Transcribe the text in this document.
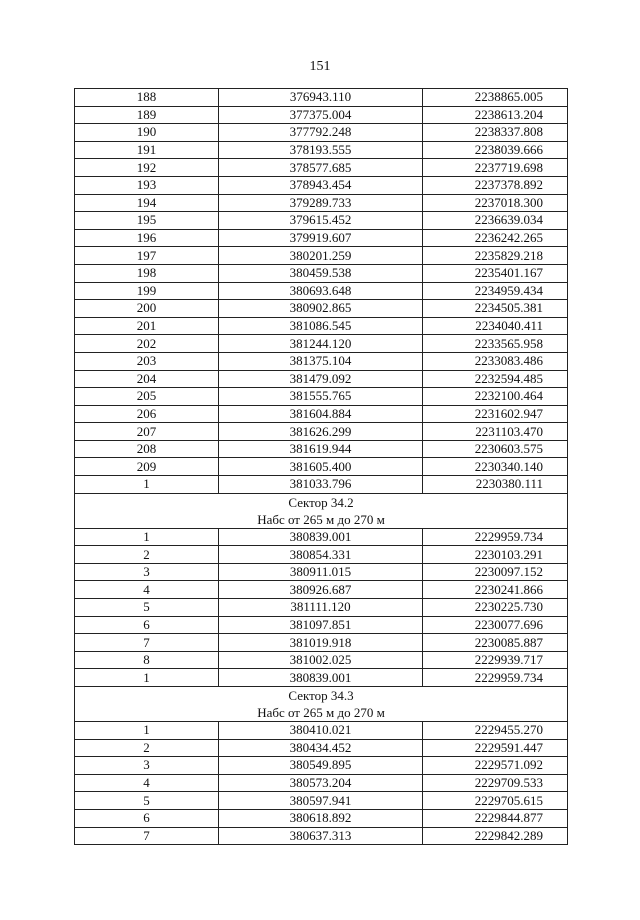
151
188	376943.110	2238865.005
189	377375.004	2238613.204
190	377792.248	2238337.808
191	378193.555	2238039.666
192	378577.685	2237719.698
193	378943.454	2237378.892
194	379289.733	2237018.300
195	379615.452	2236639.034
196	379919.607	2236242.265
197	380201.259	2235829.218
198	380459.538	2235401.167
199	380693.648	2234959.434
200	380902.865	2234505.381
201	381086.545	2234040.411
202	381244.120	2233565.958
203	381375.104	2233083.486
204	381479.092	2232594.485
205	381555.765	2232100.464
206	381604.884	2231602.947
207	381626.299	2231103.470
208	381619.944	2230603.575
209	381605.400	2230340.140
1	381033.796	2230380.111

Сектор 34.2
Набс от 265 м до 270 м		

1	380839.001	2229959.734
2	380854.331	2230103.291
3	380911.015	2230097.152
4	380926.687	2230241.866
5	381111.120	2230225.730
6	381097.851	2230077.696
7	381019.918	2230085.887
8	381002.025	2229939.717
1	380839.001	2229959.734

Сектор 34.3
Набс от 265 м до 270 м		

1	380410.021	2229455.270
2	380434.452	2229591.447
3	380549.895	2229571.092
4	380573.204	2229709.533
5	380597.941	2229705.615
6	380618.892	2229844.877
7	380637.313	2229842.289
